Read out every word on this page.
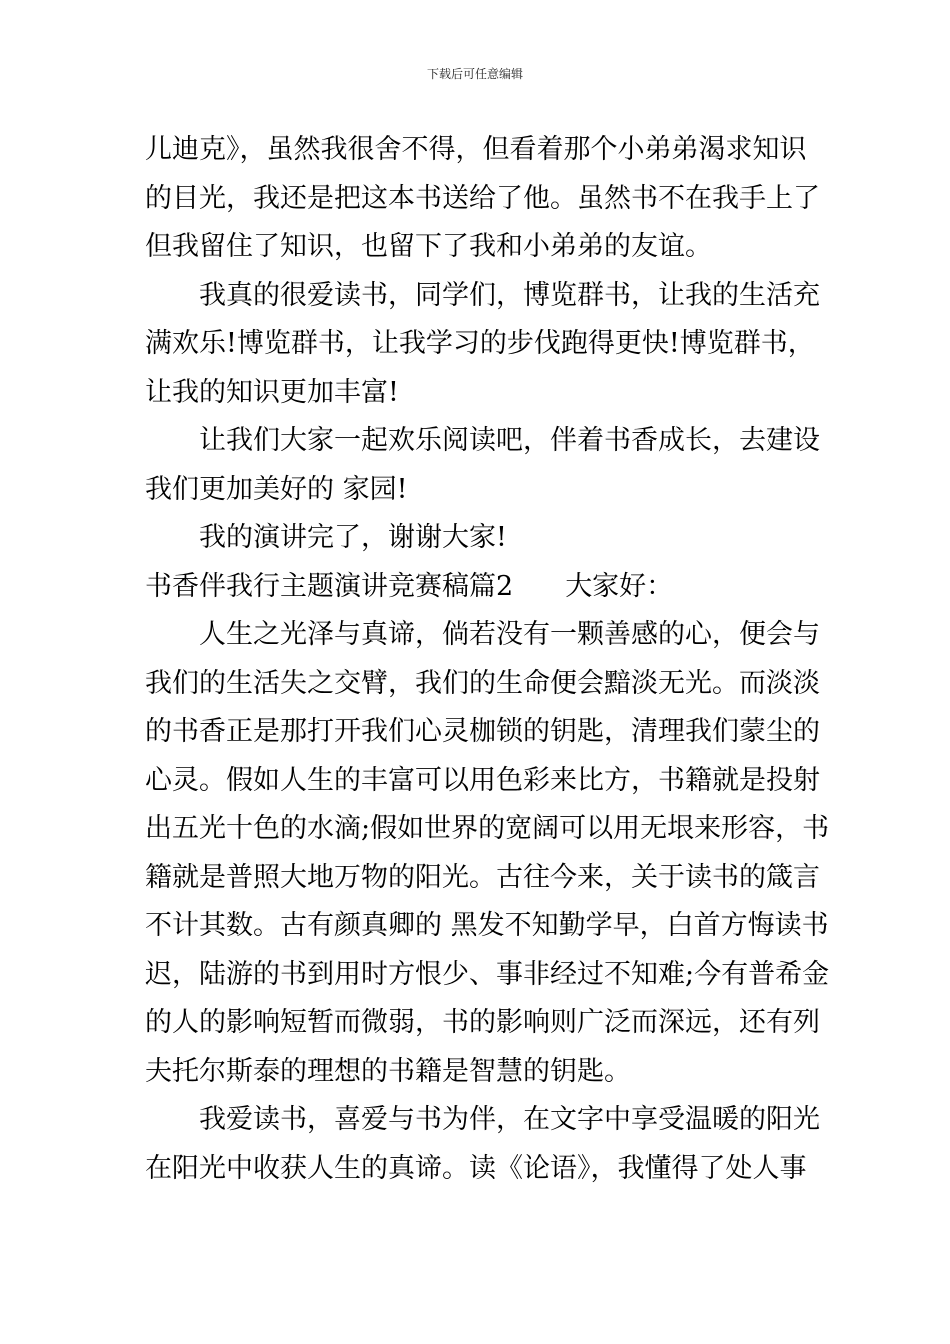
下载后可任意编辑
儿迪克》，虽然我很舍不得，但看着那个小弟弟渴求知识
的目光，我还是把这本书送给了他。虽然书不在我手上了
但我留住了知识，也留下了我和小弟弟的友谊。
我真的很爱读书，同学们，博览群书，让我的生活充
满欢乐!博览群书，让我学习的步伐跑得更快!博览群书，
让我的知识更加丰富!
让我们大家一起欢乐阅读吧，伴着书香成长，去建设
我们更加美好的 家园!
我的演讲完了，谢谢大家!
书香伴我行主题演讲竞赛稿篇2 大家好：
人生之光泽与真谛，倘若没有一颗善感的心，便会与
我们的生活失之交臂，我们的生命便会黯淡无光。而淡淡
的书香正是那打开我们心灵枷锁的钥匙，清理我们蒙尘的
心灵。假如人生的丰富可以用色彩来比方，书籍就是投射
出五光十色的水滴;假如世界的宽阔可以用无垠来形容，书
籍就是普照大地万物的阳光。古往今来，关于读书的箴言
不计其数。古有颜真卿的 黑发不知勤学早，白首方悔读书
迟，陆游的书到用时方恨少、事非经过不知难;今有普希金
的人的影响短暂而微弱，书的影响则广泛而深远，还有列
夫托尔斯泰的理想的书籍是智慧的钥匙。
我爱读书，喜爱与书为伴，在文字中享受温暖的阳光
在阳光中收获人生的真谛。读《论语》，我懂得了处人事
